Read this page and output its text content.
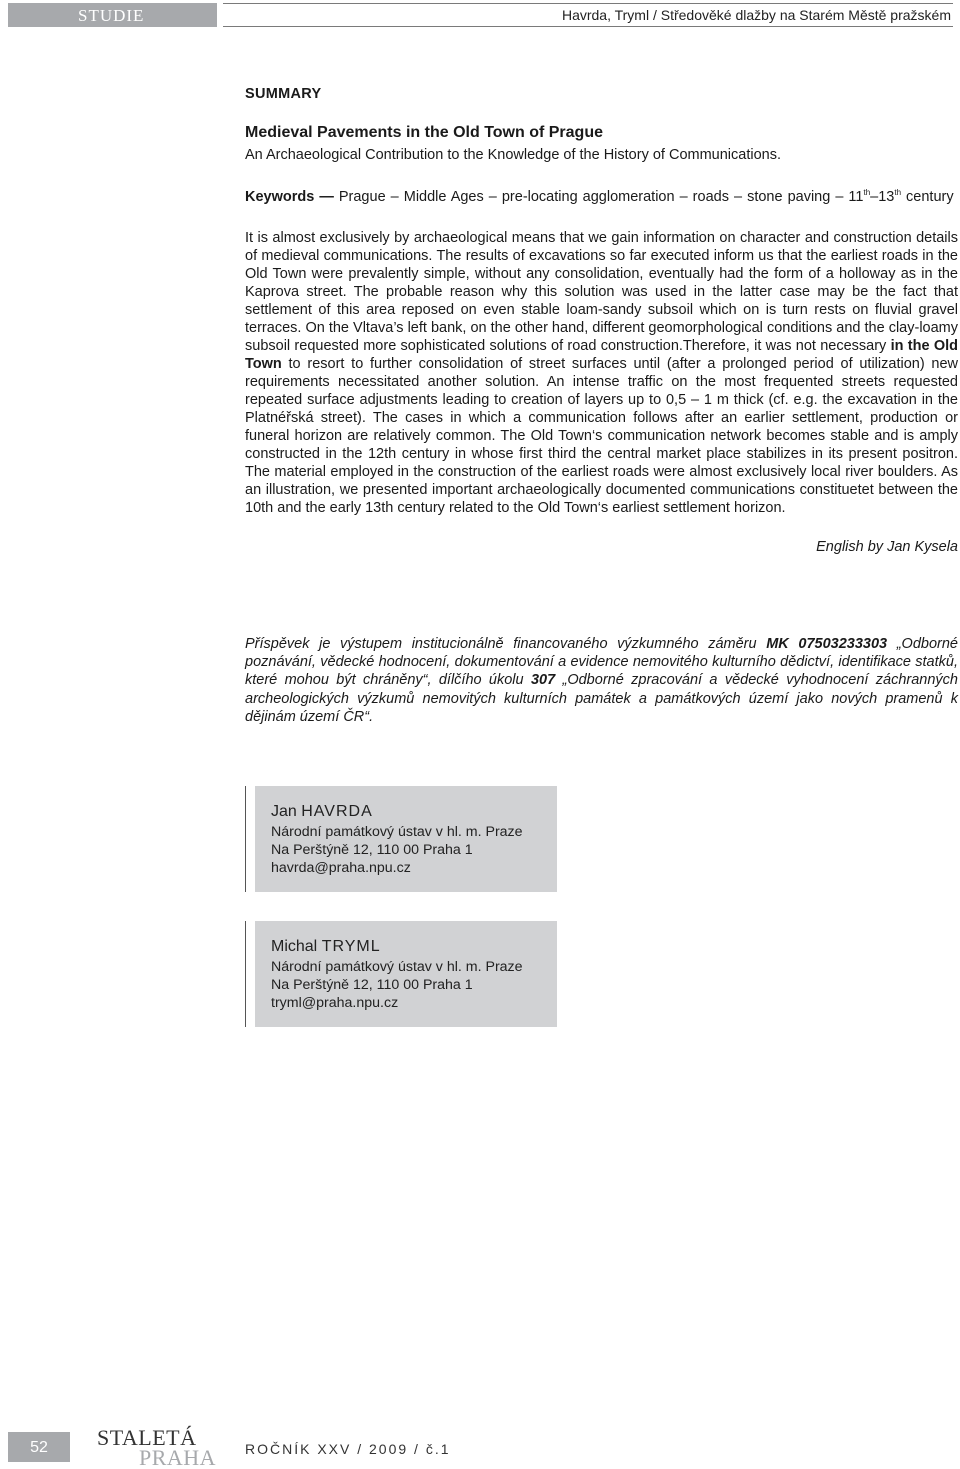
STUDIE	Havrda, Tryml / Středověké dlažby na Starém Městě pražském
SUMMARY
Medieval Pavements in the Old Town of Prague
An Archaeological Contribution to the Knowledge of the History of Communications.
Keywords — Prague – Middle Ages – pre-locating agglomeration – roads – stone paving – 11th–13th century
It is almost exclusively by archaeological means that we gain information on character and construction details of medieval communications. The results of excavations so far executed inform us that the earliest roads in the Old Town were prevalently simple, without any consolidation, eventually had the form of a holloway as in the Kaprova street. The probable reason why this solution was used in the latter case may be the fact that settlement of this area reposed on even stable loam-sandy subsoil which on is turn rests on fluvial gravel terraces. On the Vltava’s left bank, on the other hand, different geomorphological conditions and the clay-loamy subsoil requested more sophisticated solutions of road construction.Therefore, it was not necessary in the Old Town to resort to further consolidation of street surfaces until (after a prolonged period of utilization) new requirements necessitated another solution. An intense traffic on the most frequented streets requested repeated surface adjustments leading to creation of layers up to 0,5 – 1 m thick (cf. e.g. the excavation in the Platnéřská street). The cases in which a communication follows after an earlier settlement, production or funeral horizon are relatively common. The Old Town‘s communication network becomes stable and is amply constructed in the 12th century in whose first third the central market place stabilizes in its present positron. The material employed in the construction of the earliest roads were almost exclusively local river boulders. As an illustration, we presented important archaeologically documented communications constituetet between the 10th and the early 13th century related to the Old Town‘s earliest settlement horizon.
English by Jan Kysela
Příspěvek je výstupem institucionálně financovaného výzkumného záměru MK 07503233303 „Odborné poznávání, vědecké hodnocení, dokumentování a evidence nemovitého kulturního dědictví, identifikace statků, které mohou být chráněny“, dílčího úkolu 307 „Odborné zpracování a vědecké vyhodnocení záchranných archeologických výzkumů nemovitých kulturních památek a památkových území jako nových pramenů k dějinám území ČR“.
Jan HAVRDA
Národní památkový ústav v hl. m. Praze
Na Perštýně 12, 110 00 Praha 1
havrda@praha.npu.cz
Michal TRYML
Národní památkový ústav v hl. m. Praze
Na Perštýně 12, 110 00 Praha 1
tryml@praha.npu.cz
52	STALETÁ
PRAHA ROČNÍK XXV / 2009 / č.1
